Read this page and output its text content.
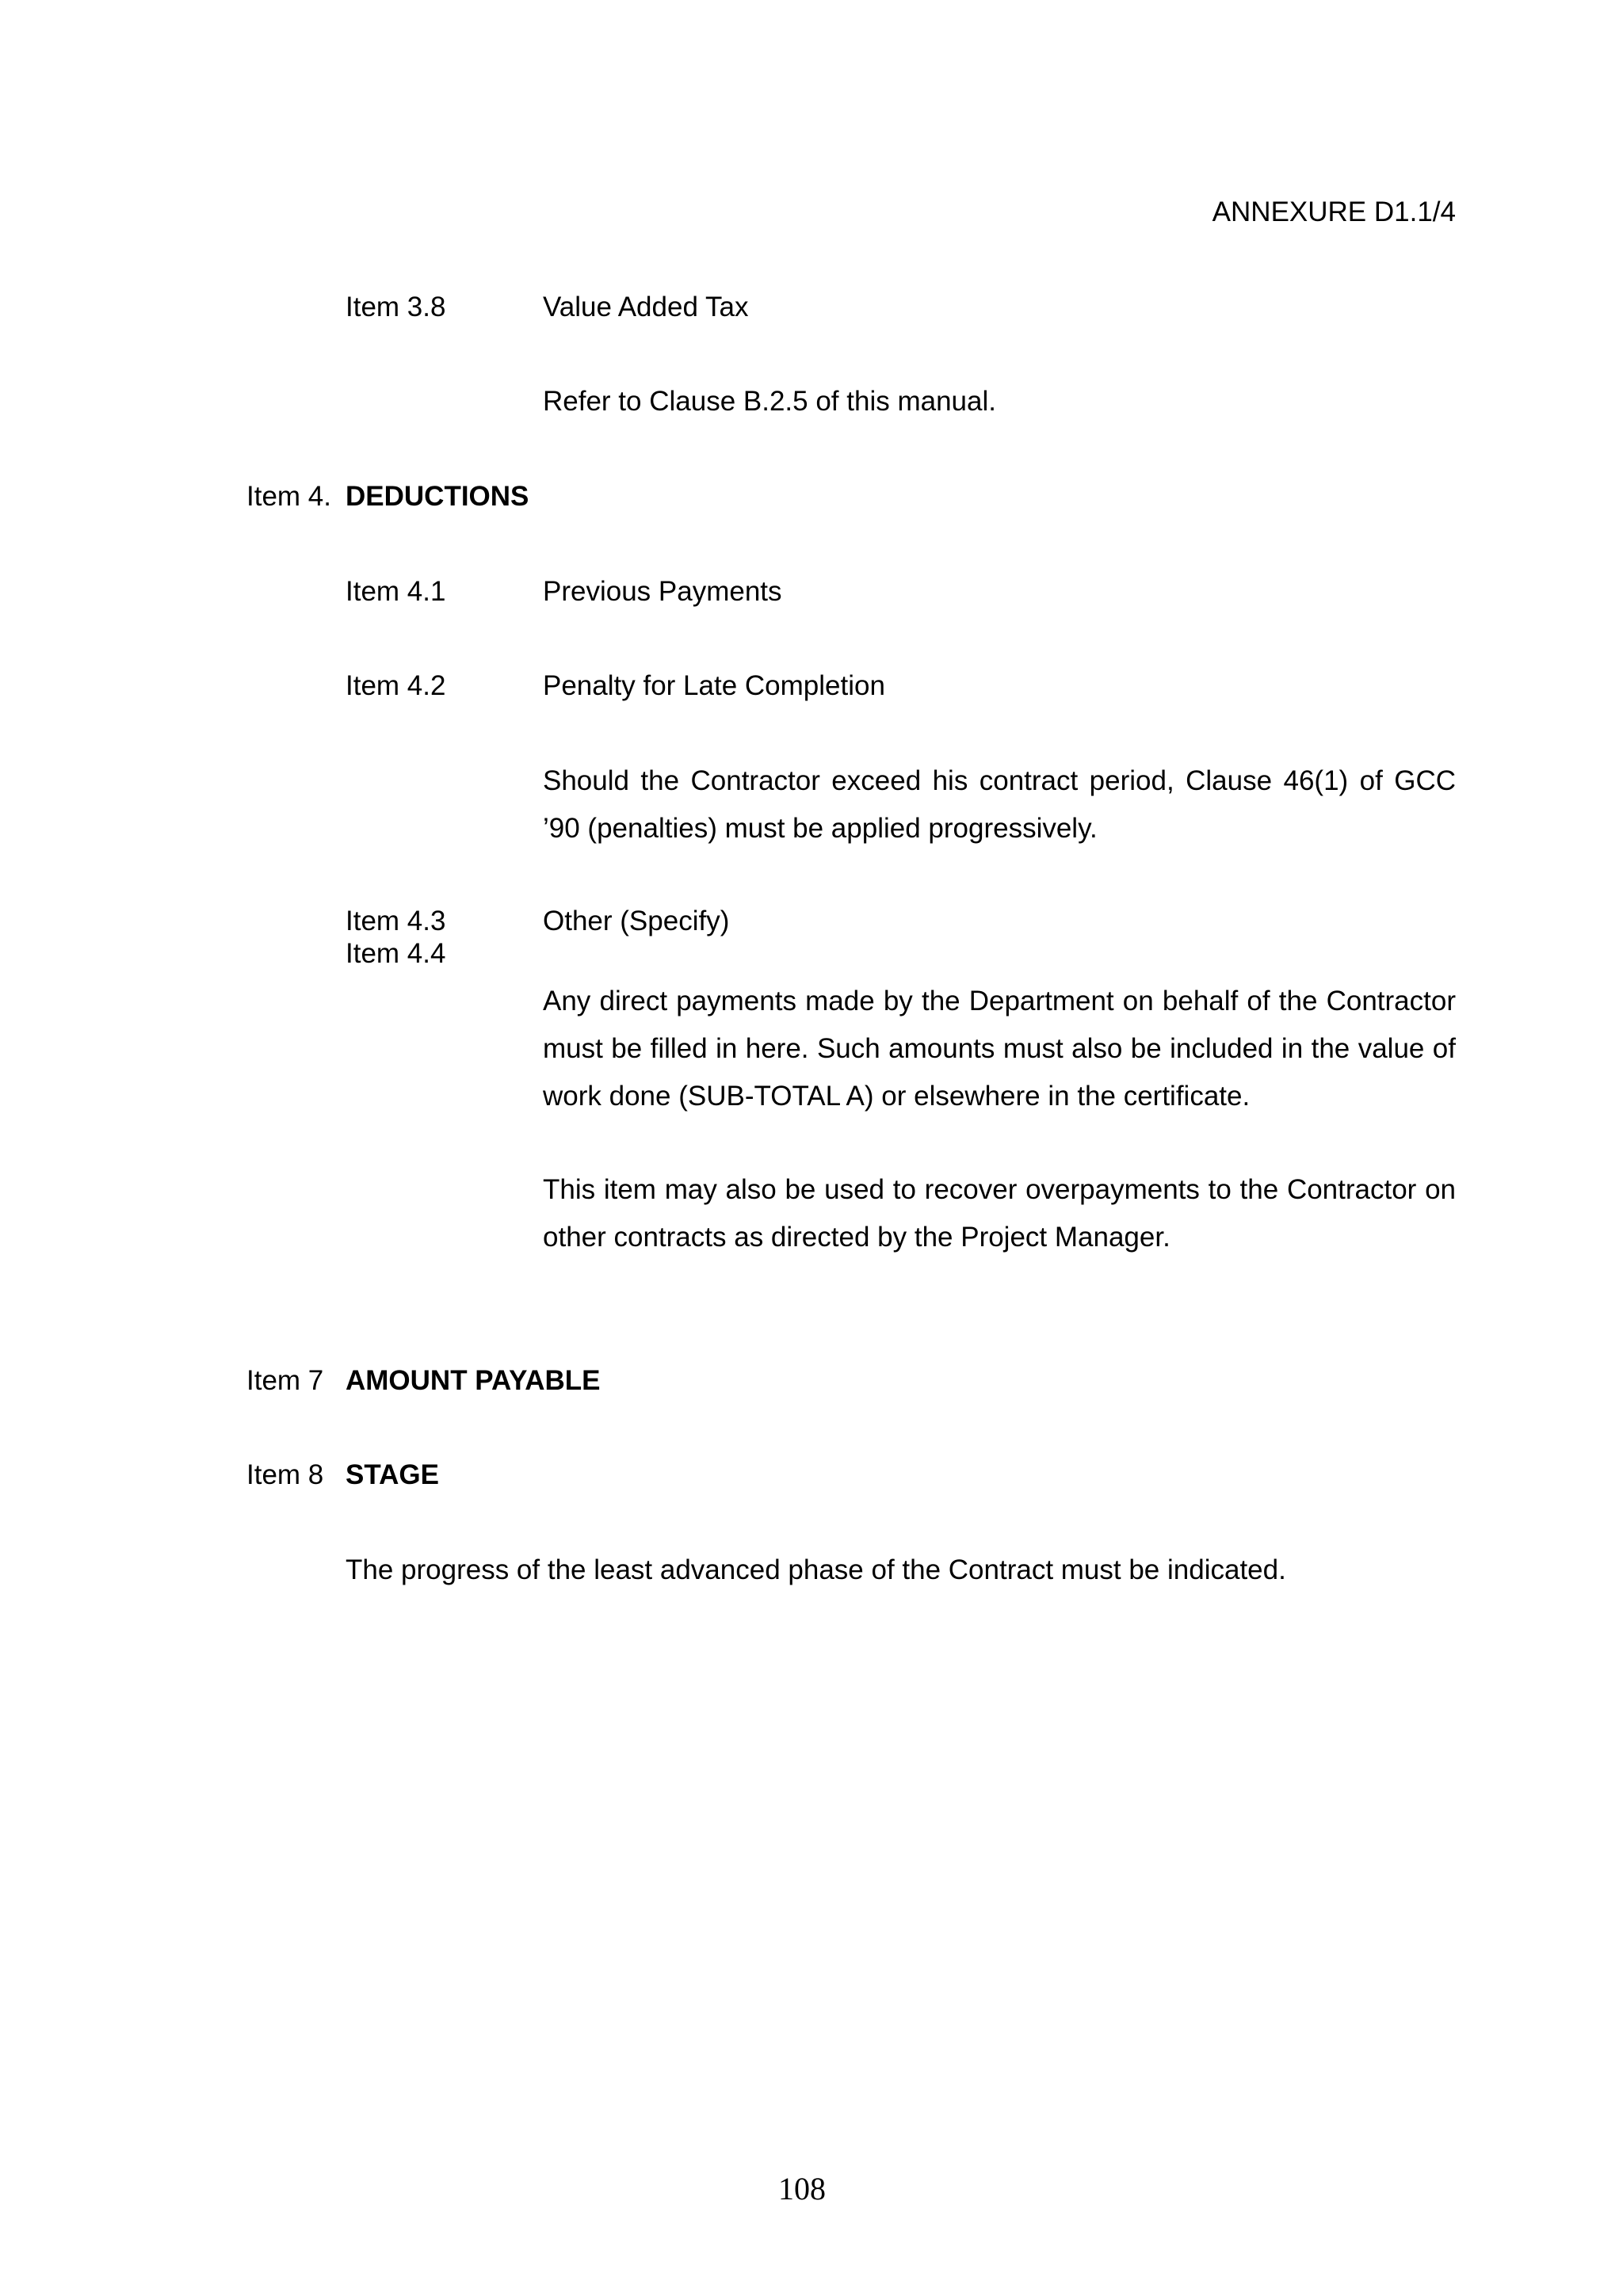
ANNEXURE D1.1/4
Item 3.8	Value Added Tax
Refer to Clause B.2.5 of this manual.
Item 4. DEDUCTIONS
Item 4.1	Previous Payments
Item 4.2	Penalty for Late Completion

Should the Contractor exceed his contract period, Clause 46(1) of GCC ’90 (penalties) must be applied progressively.

Item 4.3	Other (Specify)
Item 4.4

Any direct payments made by the Department on behalf of the Contractor must be filled in here. Such amounts must also be included in the value of work done (SUB-TOTAL A) or elsewhere in the certificate.

This item may also be used to recover overpayments to the Contractor on other contracts as directed by the Project Manager.

Item 7 AMOUNT PAYABLE
Item 8 STAGE
The progress of the least advanced phase of the Contract must be indicated.
108
